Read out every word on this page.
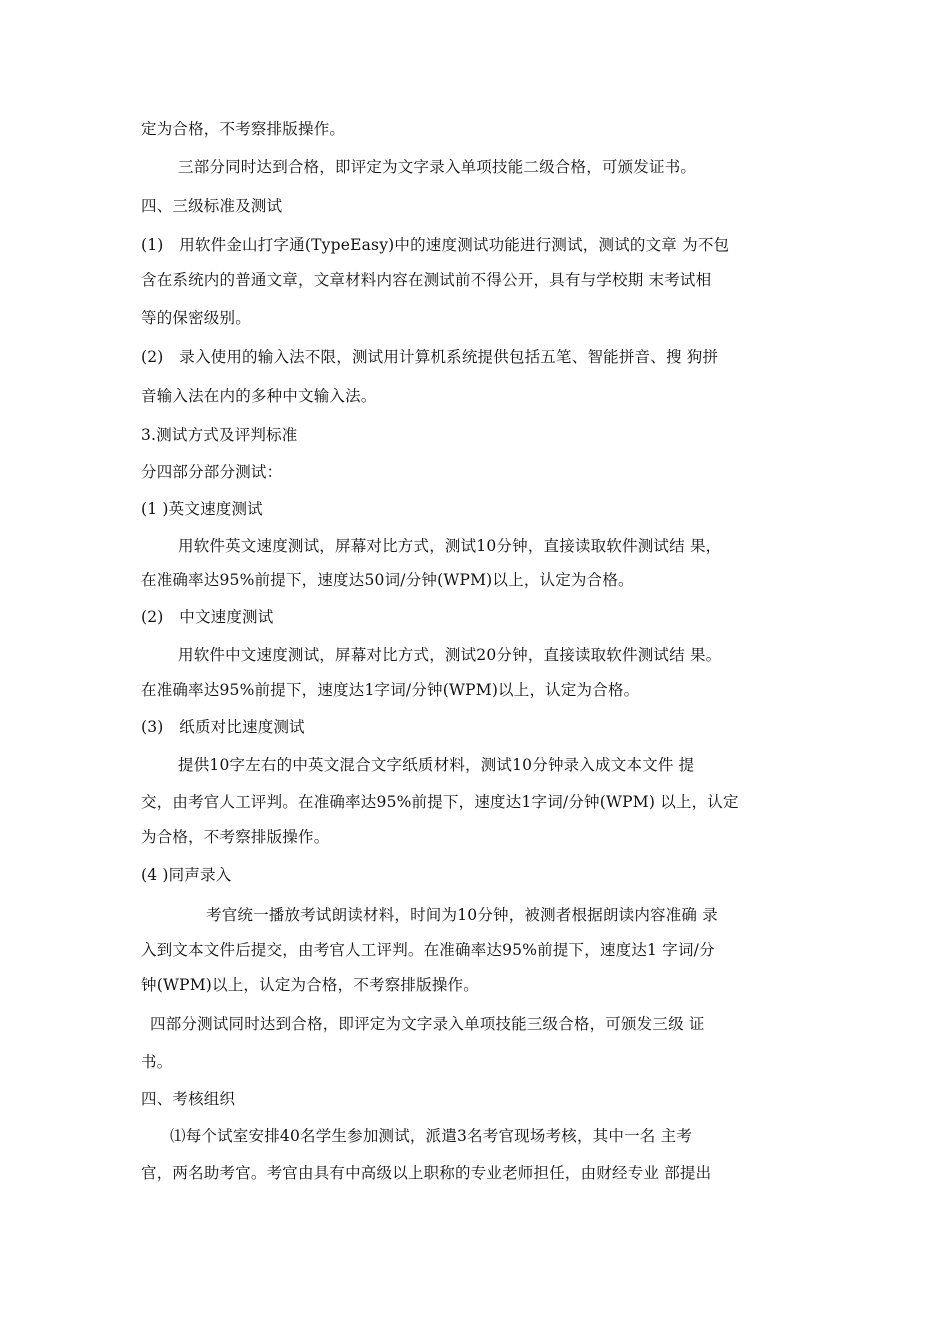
定为合格，不考察排版操作。
三部分同时达到合格，即评定为文字录入单项技能二级合格，可颁发证书。
四、三级标准及测试
(1)　用软件金山打字通(TypeEasy)中的速度测试功能进行测试，测试的文章 为不包
含在系统内的普通文章，文章材料内容在测试前不得公开，具有与学校期 末考试相
等的保密级别。
(2)　录入使用的输入法不限，测试用计算机系统提供包括五笔、智能拼音、搜 狗拼
音输入法在内的多种中文输入法。
3.测试方式及评判标准
分四部分部分测试：
(1 )英文速度测试
用软件英文速度测试，屏幕对比方式，测试10分钟，直接读取软件测试结 果，
在准确率达95%前提下，速度达50词/分钟(WPM)以上，认定为合格。
(2)　中文速度测试
用软件中文速度测试，屏幕对比方式，测试20分钟，直接读取软件测试结 果。
在准确率达95%前提下，速度达1字词/分钟(WPM)以上，认定为合格。
(3)　纸质对比速度测试
提供10字左右的中英文混合文字纸质材料，测试10分钟录入成文本文件 提
交，由考官人工评判。在准确率达95%前提下，速度达1字词/分钟(WPM) 以上，认定
为合格，不考察排版操作。
(4 )同声录入
考官统一播放考试朗读材料，时间为10分钟，被测者根据朗读内容准确 录
入到文本文件后提交，由考官人工评判。在准确率达95%前提下，速度达1 字词/分
钟(WPM)以上，认定为合格，不考察排版操作。
四部分测试同时达到合格，即评定为文字录入单项技能三级合格，可颁发三级 证
书。
四、考核组织
⑴每个试室安排40名学生参加测试，派遣3名考官现场考核，其中一名 主考
官，两名助考官。考官由具有中高级以上职称的专业老师担任，由财经专业 部提出
